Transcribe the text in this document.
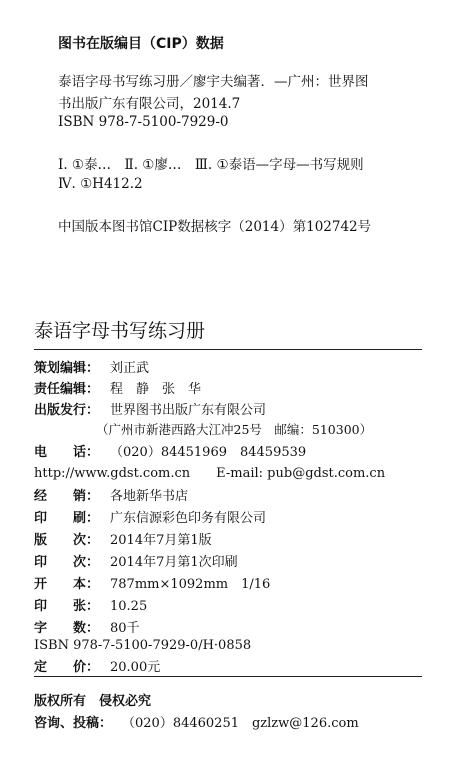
图书在版编目（CIP）数据
泰语字母书写练习册／廖宇夫编著．—广州：世界图
书出版广东有限公司，2014.7
ISBN 978-7-5100-7929-0
Ⅰ. ①泰…　Ⅱ. ①廖…　Ⅲ. ①泰语—字母—书写规则
Ⅳ. ①H412.2
中国版本图书馆CIP数据核字（2014）第102742号
泰语字母书写练习册
策划编辑： 刘正武
责任编辑： 程　静　张　华
出版发行： 世界图书出版广东有限公司
（广州市新港西路大江冲25号　邮编：510300）
电　　话： （020）84451969　84459539
http://www.gdst.com.cn　　E-mail: pub@gdst.com.cn
经　　销： 各地新华书店
印　　刷： 广东信源彩色印务有限公司
版　　次： 2014年7月第1版
印　　次： 2014年7月第1次印刷
开　　本： 787mm×1092mm　1/16
印　　张： 10.25
字　　数： 80千
ISBN 978-7-5100-7929-0/H·0858
定　　价： 20.00元
版权所有　侵权必究
咨询、投稿： （020）84460251　gzlzw@126.com
